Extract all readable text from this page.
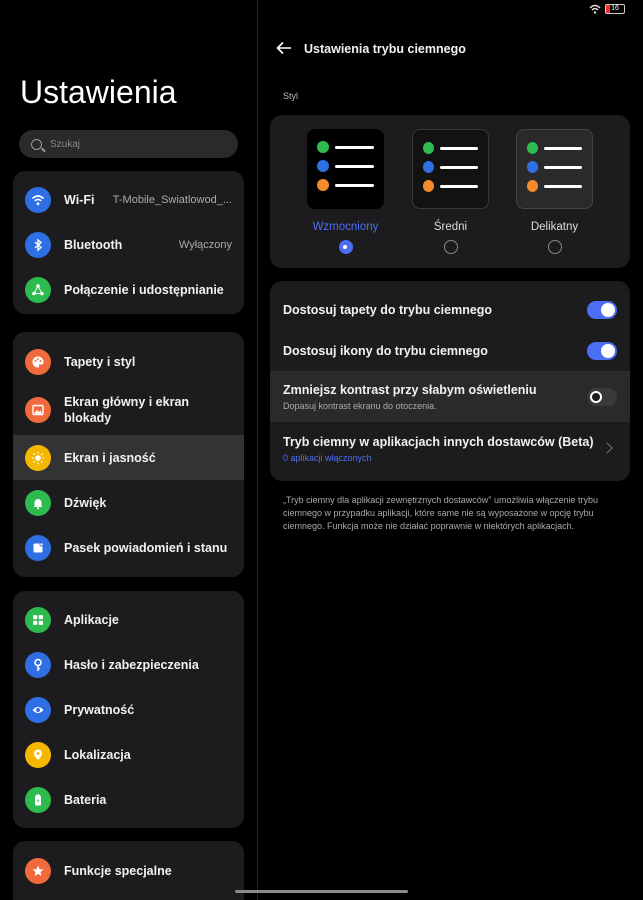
16
Ustawienia
Szukaj
Wi-Fi T-Mobile_Swiatlowod_...
Bluetooth	Wyłączony
Połączenie i udostępnianie
Tapety i styl
Ekran główny i ekran blokady
Ekran i jasność
Dźwięk
Pasek powiadomień i stanu
Aplikacje
Hasło i zabezpieczenia
Prywatność
Lokalizacja
Bateria
Funkcje specjalne
Ustawienia trybu ciemnego
Styl
Wzmocniony	Średni	Delikatny
Dostosuj tapety do trybu ciemnego
Dostosuj ikony do trybu ciemnego
Zmniejsz kontrast przy słabym oświetleniu
Dopasuj kontrast ekranu do otoczenia.
Tryb ciemny w aplikacjach innych dostawców (Beta)
0 aplikacji włączonych
„Tryb ciemny dla aplikacji zewnętrznych dostawców" umożliwia włączenie trybu ciemnego w przypadku aplikacji, które same nie są wyposażone w opcję trybu ciemnego. Funkcja może nie działać poprawnie w niektórych aplikacjach.
